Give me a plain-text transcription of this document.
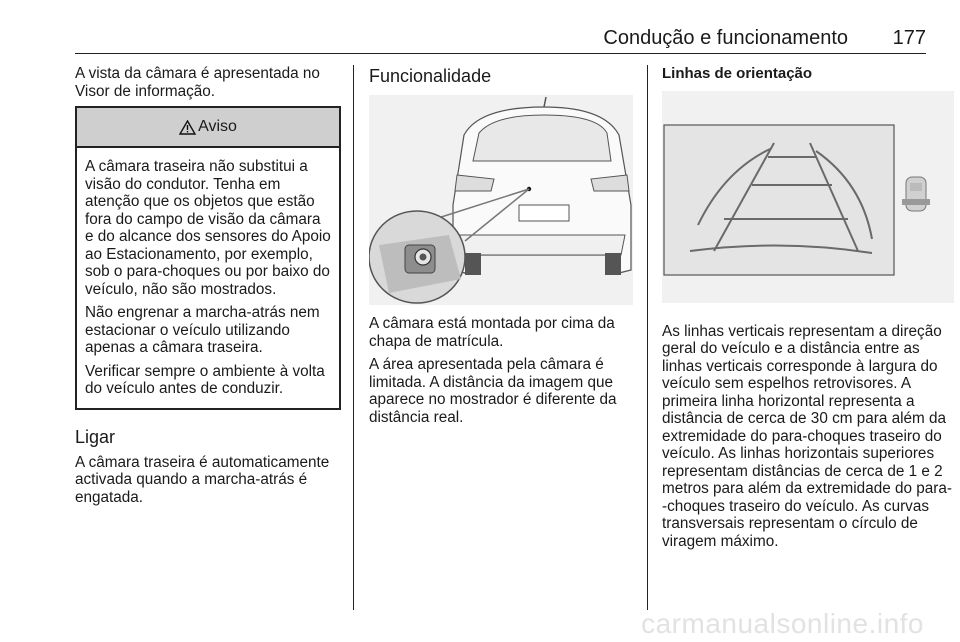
Condução e funcionamento 177

A vista da câmara é apresentada no Visor de informação.

Aviso

A câmara traseira não substitui a visão do condutor. Tenha em atenção que os objetos que estão fora do campo de visão da câmara e do alcance dos sensores do Apoio ao Estacionamento, por exemplo, sob o para-choques ou por baixo do veículo, não são mostrados.

Não engrenar a marcha-atrás nem estacionar o veículo utilizando apenas a câmara traseira.

Verificar sempre o ambiente à volta do veículo antes de conduzir.

Ligar

A câmara traseira é automaticamente activada quando a marcha-atrás é engatada.

Funcionalidade

A câmara está montada por cima da chapa de matrícula.

A área apresentada pela câmara é limitada. A distância da imagem que aparece no mostrador é diferente da distância real.

Linhas de orientação

As linhas verticais representam a direção geral do veículo e a distância entre as linhas verticais corresponde à largura do veículo sem espelhos retrovisores. A primeira linha horizontal representa a distância de cerca de 30 cm para além da extremidade do para-choques traseiro do veículo. As linhas horizontais superiores representam distâncias de cerca de 1 e 2 metros para além da extremidade do para- -choques traseiro do veículo. As curvas transversais representam o círculo de viragem máximo.

carmanualsonline.info
